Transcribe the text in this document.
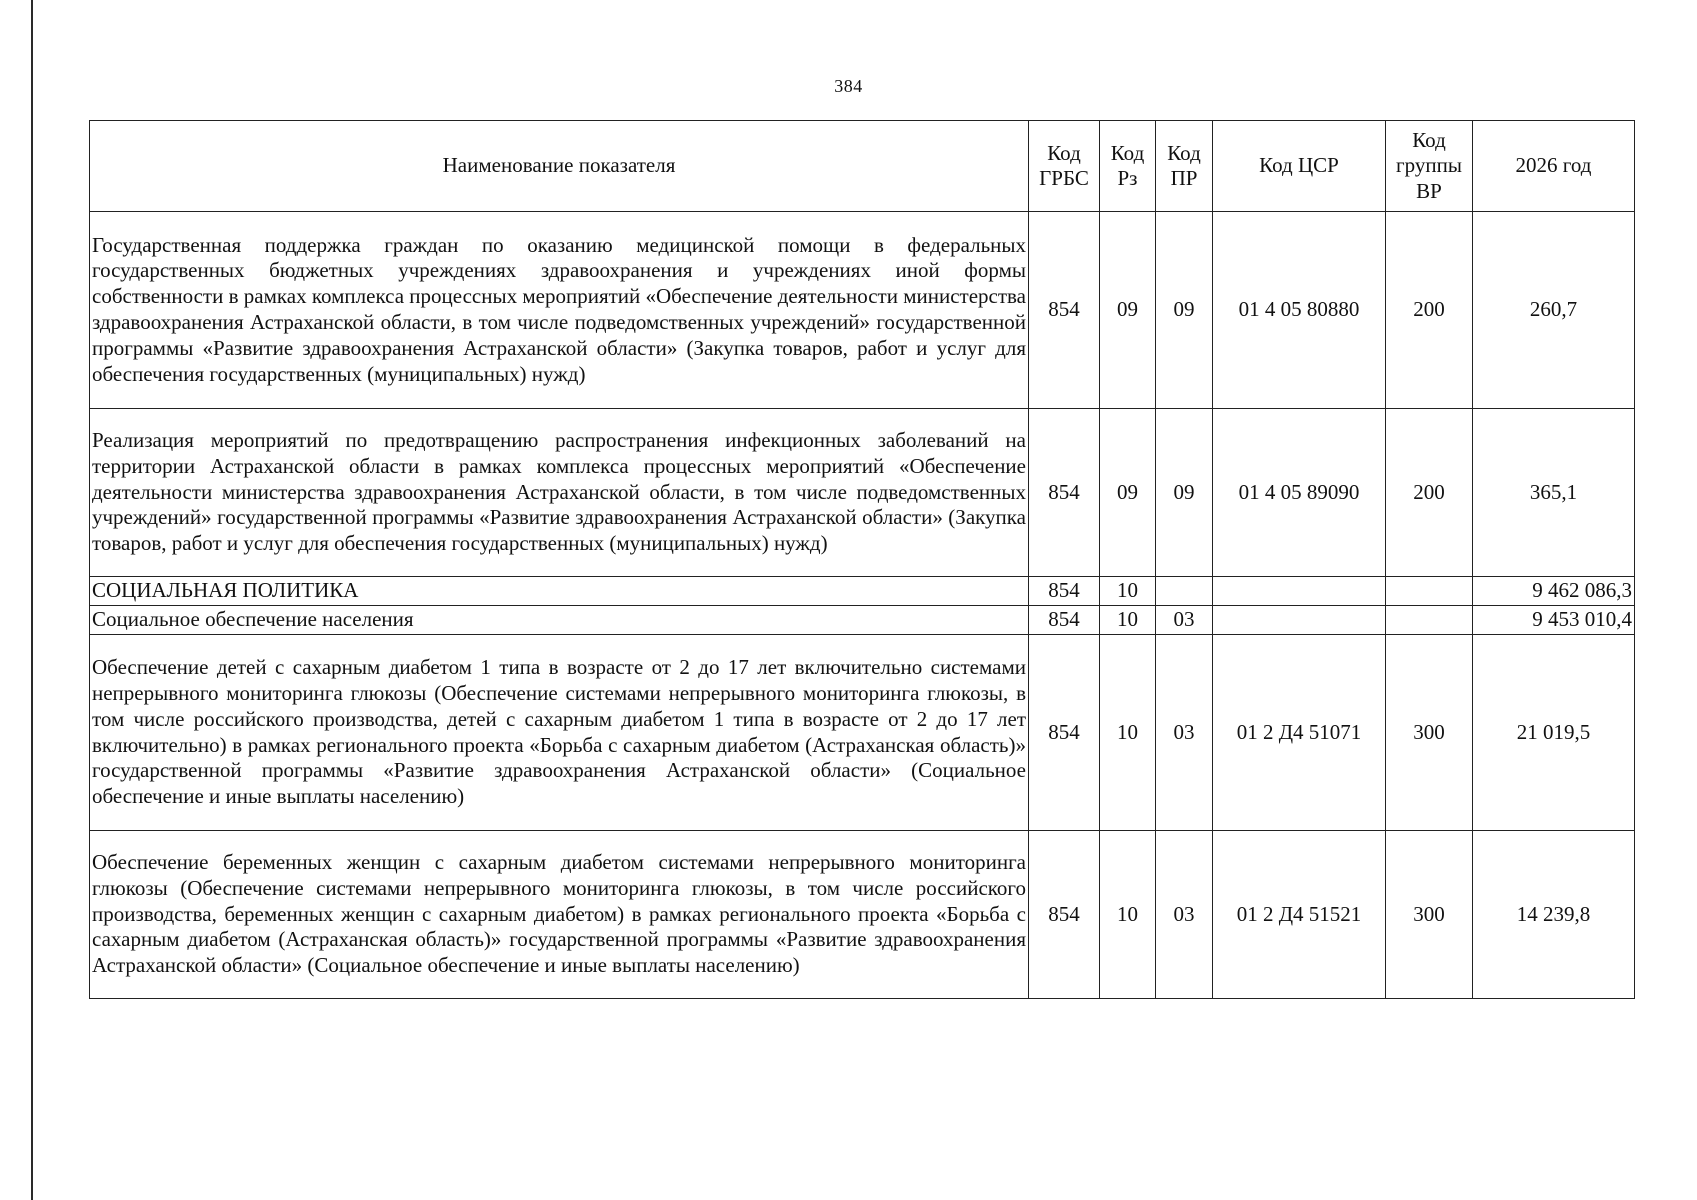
384
Наименование показателя	Код ГРБС	Код Рз	Код ПР	Код ЦСР	Код группы ВР	2026 год
Государственная поддержка граждан по оказанию медицинской помощи в федеральных государственных бюджетных учреждениях здравоохранения и учреждениях иной формы собственности в рамках комплекса процессных мероприятий «Обеспечение деятельности министерства здравоохранения Астраханской области, в том числе подведомственных учреждений» государственной программы «Развитие здравоохранения Астраханской области» (Закупка товаров, работ и услуг для обеспечения государственных (муниципальных) нужд)	854	09	09	01 4 05 80880	200	260,7
Реализация мероприятий по предотвращению распространения инфекционных заболеваний на территории Астраханской области в рамках комплекса процессных мероприятий «Обеспечение деятельности министерства здравоохранения Астраханской области, в том числе подведомственных учреждений» государственной программы «Развитие здравоохранения Астраханской области» (Закупка товаров, работ и услуг для обеспечения государственных (муниципальных) нужд)	854	09	09	01 4 05 89090	200	365,1
СОЦИАЛЬНАЯ ПОЛИТИКА	854	10				9 462 086,3
Социальное обеспечение населения	854	10	03			9 453 010,4
Обеспечение детей с сахарным диабетом 1 типа в возрасте от 2 до 17 лет включительно системами непрерывного мониторинга глюкозы (Обеспечение системами непрерывного мониторинга глюкозы, в том числе российского производства, детей с сахарным диабетом 1 типа в возрасте от 2 до 17 лет включительно) в рамках регионального проекта «Борьба с сахарным диабетом (Астраханская область)» государственной программы «Развитие здравоохранения Астраханской области» (Социальное обеспечение и иные выплаты населению)	854	10	03	01 2 Д4 51071	300	21 019,5
Обеспечение беременных женщин с сахарным диабетом системами непрерывного мониторинга глюкозы (Обеспечение системами непрерывного мониторинга глюкозы, в том числе российского производства, беременных женщин с сахарным диабетом) в рамках регионального проекта «Борьба с сахарным диабетом (Астраханская область)» государственной программы «Развитие здравоохранения Астраханской области» (Социальное обеспечение и иные выплаты населению)	854	10	03	01 2 Д4 51521	300	14 239,8
